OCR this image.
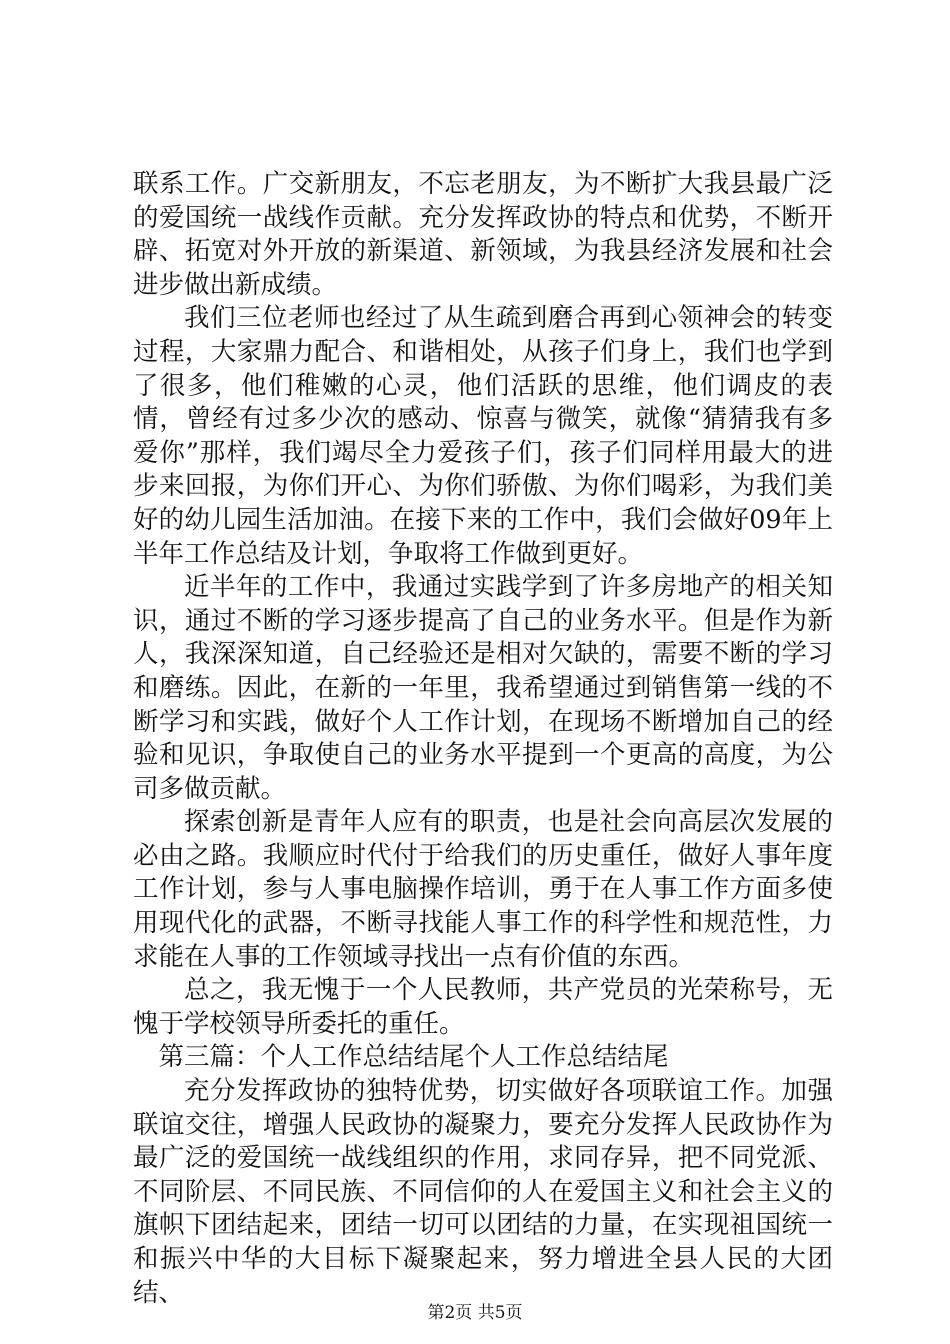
联系工作。广交新朋友，不忘老朋友，为不断扩大我县最广泛的爱国统一战线作贡献。充分发挥政协的特点和优势，不断开辟、拓宽对外开放的新渠道、新领域，为我县经济发展和社会进步做出新成绩。

我们三位老师也经过了从生疏到磨合再到心领神会的转变过程，大家鼎力配合、和谐相处，从孩子们身上，我们也学到了很多，他们稚嫩的心灵，他们活跃的思维，他们调皮的表情，曾经有过多少次的感动、惊喜与微笑，就像“猜猜我有多爱你”那样，我们竭尽全力爱孩子们，孩子们同样用最大的进步来回报，为你们开心、为你们骄傲、为你们喝彩，为我们美好的幼儿园生活加油。在接下来的工作中，我们会做好09年上半年工作总结及计划，争取将工作做到更好。

近半年的工作中，我通过实践学到了许多房地产的相关知识，通过不断的学习逐步提高了自己的业务水平。但是作为新人，我深深知道，自己经验还是相对欠缺的，需要不断的学习和磨练。因此，在新的一年里，我希望通过到销售第一线的不断学习和实践，做好个人工作计划，在现场不断增加自己的经验和见识，争取使自己的业务水平提到一个更高的高度，为公司多做贡献。

探索创新是青年人应有的职责，也是社会向高层次发展的必由之路。我顺应时代付于给我们的历史重任，做好人事年度工作计划，参与人事电脑操作培训，勇于在人事工作方面多使用现代化的武器，不断寻找能人事工作的科学性和规范性，力求能在人事的工作领域寻找出一点有价值的东西。

总之，我无愧于一个人民教师，共产党员的光荣称号，无愧于学校领导所委托的重任。

第三篇：个人工作总结结尾个人工作总结结尾

充分发挥政协的独特优势，切实做好各项联谊工作。加强联谊交往，增强人民政协的凝聚力，要充分发挥人民政协作为最广泛的爱国统一战线组织的作用，求同存异，把不同党派、不同阶层、不同民族、不同信仰的人在爱国主义和社会主义的旗帜下团结起来，团结一切可以团结的力量，在实现祖国统一和振兴中华的大目标下凝聚起来，努力增进全县人民的大团结、

第2页 共5页
